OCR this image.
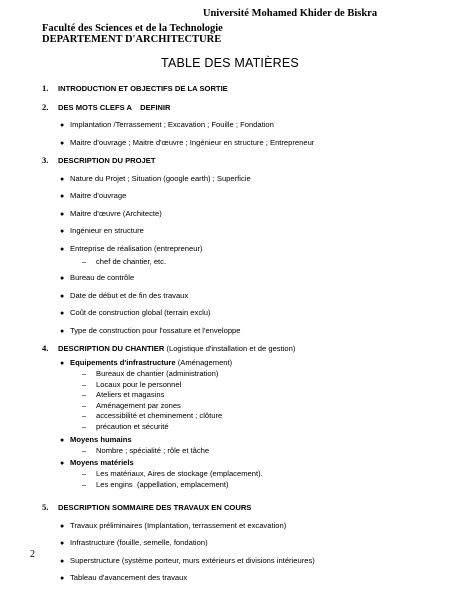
Université Mohamed Khider de Biskra
Faculté des Sciences et de la Technologie
DEPARTEMENT D'ARCHITECTURE
TABLE DES MATIÈRES
1.	INTRODUCTION ET OBJECTIFS DE LA SORTIE
2.	DES MOTS CLEFS A    DEFINIR
● Implantation /Terrassement ; Excavation ; Fouille ; Fondation
● Maitre d'ouvrage ; Maitre d'œuvre ; Ingénieur en structure ; Entrepreneur
3.	DESCRIPTION DU PROJET
● Nature du Projet ; Situation (google earth) ; Superficie
● Maitre d'ouvrage
● Maitre d'œuvre (Architecte)
● Ingénieur en structure
● Entreprise de réalisation (entrepreneur)
–	chef de chantier, etc.
● Bureau de contrôle
● Date de début et de fin des travaux
● Coût de construction global (terrain exclu)
● Type de construction pour l'ossature et l'enveloppe
4.	DESCRIPTION DU CHANTIER (Logistique d'installation et de gestion)
● Equipements d'infrastructure (Aménagement)
–	Bureaux de chantier (administration)
–	Locaux pour le personnel
–	Ateliers et magasins
–	Aménagement par zones
–	accessibilité et cheminement ; clôture
–	précaution et sécurité
● Moyens humains
–	Nombre ; spécialité ; rôle et tâche
● Moyens matériels
–	Les matériaux, Aires de stockage (emplacement).
–	Les engins  (appellation, emplacement)
5.	DESCRIPTION SOMMAIRE DES TRAVAUX EN COURS
● Travaux préliminaires (Implantation, terrassement et excavation)
● Infrastructure (fouille, semelle, fondation)
● Superstructure (système porteur, murs extérieurs et divisions intérieures)
● Tableau d'avancement des travaux
2
